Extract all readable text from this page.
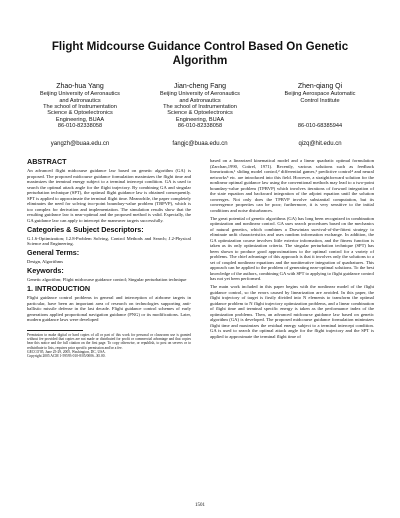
Flight Midcourse Guidance Control Based On Genetic Algorithm
Zhao-hua Yang
Beijing University of Aeronautics
and Astronautics
The school of Instrumentation
Science & Optoelectronics
Engineering, BUAA
86-010-82338058
Jian-cheng Fang
Beijing University of Aeronautics
and Astronautics
The school of Instrumentation
Science & Optoelectronics
Engineering, BUAA
86-010-82338058
Zhen-qiang Qi
Beijing Aerospace Automatic
Control Institute

86-010-68385944
yangzh@buaa.edu.cn	fangjc@buaa.edu.cn	qizq@hit.edu.cn
ABSTRACT

An advanced flight midcourse guidance law based on genetic algorithm (GA) is proposed. The proposed midcourse guidance formulation maximizes the flight time and maximizes the terminal energy subject to a terminal intercept condition. GA is used to search the optimal attack angle for the flight trajectory. By combining GA and singular perturbation technique (SPT), the optimal flight guidance law is obtained consequently. SPT is applied to approximate the terminal flight time. Meanwhile, the paper completely eliminates the need for solving two-point boundary-value problem (TBPVP), which is too complex for derivation and implementation. The simulation results show that the resulting guidance law is near-optimal and the proposed method is valid. Especially, the GA guidance law can apply to intercept the maneuver targets successfully.

Categories & Subject Descriptors:

G.1.6-Optimization; I.2.8-Problem Solving, Control Methods and Search; J.2-Physical Science and Engineering.

General Terms:

Design, Algorithms

Keywords:

Genetic algorithm; Flight midcourse guidance control; Singular perturbation technique

1. INTRODUCTION

Flight guidance control problems in general and interception of airborne targets in particular, have been an important area of research on technologies supporting anti-ballistic missile defense in the last decade. Flight guidance control schemes of early generations applied proportional navigation guidance (PNG) or its modifications. Later, modern guidance laws were developed

Permission to make digital or hard copies of all or part of this work for personal or classroom use is granted without fee provided that copies are not made or distributed for profit or commercial advantage and that copies bear this notice and the full citation on the first page. To copy otherwise, or republish, to post on servers or to redistribute to lists, requires prior specific permission and/or a fee.

GECCO'05, June 25-29, 2005, Washington, DC, USA.

Copyright 2005 ACM 1-59593-010-8/05/0006...$5.00.

based on a linearized kinematical model and a linear quadratic optimal formulation (Zarchan,1990, Cottrel, 1971). Recently, various solutions such as feedback linearization,¹ sliding model control,² differential games,³ predictive control⁴ and neural networks⁵ etc. are introduced into this field. However, a straightforward solution for the nonlinear optimal guidance law using the conventional methods may lead to a two-point boundary-value problem (TPBVP) which involves iterations of forward integration of the state equation and backward integration of the adjoint equation until the solution converges. Not only does the TPBVP involve substantial computation, but its convergence properties can be poor; furthermore, it is very sensitive to the initial conditions and noise disturbances.

The great potential of genetic algorithms (GA) has long been recognized in combination optimization and nonlinear control. GA uses search procedures based on the mechanics of natural genetics, which combines a Darwinian survival-of-the-fittest strategy to eliminate unfit characteristics and uses random information exchange. In addition, the GA optimization course involves little exterior information, and the fitness function is taken as its only optimization criteria. The singular perturbation technique (SPT) has been shown to produce good approximations to the optimal control for a variety of problems. The chief advantage of this approach is that it involves only the solutions to a set of coupled nonlinear equations and the nonitterative integration of quadratures. This approach can be applied to the problem of generating near-optimal solutions. To the best knowledge of the authors, combining GA with SPT to applying to flight guidance control has not yet been performed.

The main work included in this paper begins with the nonlinear model of the flight guidance control, so the errors caused by linearization are avoided. In this paper, the flight trajectory of target is firstly divided into N elements to transform the optimal guidance problem to N flight trajectory optimization problems, and a linear combination of flight time and terminal specific energy is taken as the performance index of the optimization problems. Then, an advanced midcourse guidance law based on genetic algorithm (GA) is developed. The proposed midcourse guidance formulation minimizes flight time and maximizes the residual energy subject to a terminal intercept condition. GA is used to search the optimal attack angle for the flight trajectory and the SPT is applied to approximate the terminal flight time of

1501
